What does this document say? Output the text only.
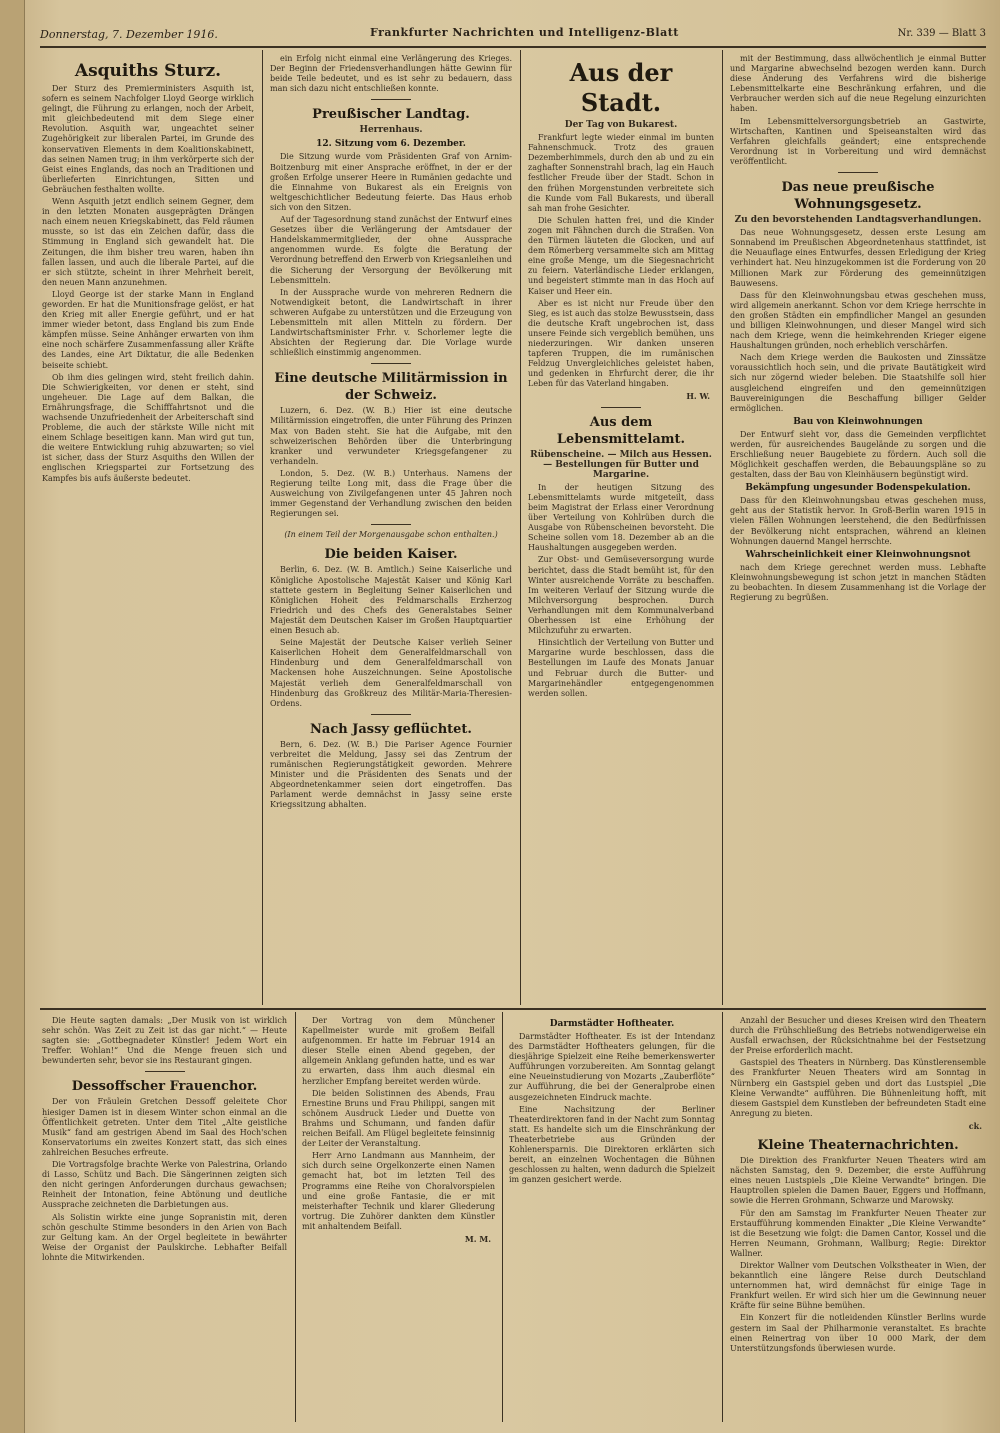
Donnerstag, 7. Dezember 1916.	Frankfurter Nachrichten und Intelligenz-Blatt	Nr. 339 — Blatt 3
Asquiths Sturz.

Der Sturz des Premierministers Asquith ist, sofern es seinem Nachfolger Lloyd George wirklich gelingt, die Führung zu erlangen, noch der Arbeit, mit gleichbedeutend mit dem Siege einer Revolution. Asquith war, ungeachtet seiner Zugehörigkeit zur liberalen Partei, im Grunde des konservativen Elements in dem Koalitionskabinett, das seinen Namen trug; in ihm verkörperte sich der Geist eines Englands, das noch an Traditionen und überlieferten Einrichtungen, Sitten und Gebräuchen festhalten wollte.

Wenn Asquith jetzt endlich seinem Gegner, dem in den letzten Monaten ausgeprägten Drängen nach einem neuen Kriegskabinett, das Feld räumen musste, so ist das ein Zeichen dafür, dass die Stimmung in England sich gewandelt hat. Die Zeitungen, die ihm bisher treu waren, haben ihn fallen lassen, und auch die liberale Partei, auf die er sich stützte, scheint in ihrer Mehrheit bereit, den neuen Mann anzunehmen.

Lloyd George ist der starke Mann in England geworden. Er hat die Munitionsfrage gelöst, er hat den Krieg mit aller Energie geführt, und er hat immer wieder betont, dass England bis zum Ende kämpfen müsse. Seine Anhänger erwarten von ihm eine noch schärfere Zusammenfassung aller Kräfte des Landes, eine Art Diktatur, die alle Bedenken beiseite schiebt.

Ob ihm dies gelingen wird, steht freilich dahin. Die Schwierigkeiten, vor denen er steht, sind ungeheuer. Die Lage auf dem Balkan, die Ernährungsfrage, die Schifffahrtsnot und die wachsende Unzufriedenheit der Arbeiterschaft sind Probleme, die auch der stärkste Wille nicht mit einem Schlage beseitigen kann. Man wird gut tun, die weitere Entwicklung ruhig abzuwarten; so viel ist sicher, dass der Sturz Asquiths den Willen der englischen Kriegspartei zur Fortsetzung des Kampfes bis aufs äußerste bedeutet.

ein Erfolg nicht einmal eine Verlängerung des Krieges. Der Beginn der Friedensverhandlungen hätte Gewinn für beide Teile bedeutet, und es ist sehr zu bedauern, dass man sich dazu nicht entschließen konnte.

Preußischer Landtag.
Herrenhaus.
12. Sitzung vom 6. Dezember.

Die Sitzung wurde vom Präsidenten Graf von Arnim-Boitzenburg mit einer Ansprache eröffnet, in der er der großen Erfolge unserer Heere in Rumänien gedachte und die Einnahme von Bukarest als ein Ereignis von weltgeschichtlicher Bedeutung feierte. Das Haus erhob sich von den Sitzen.

Auf der Tagesordnung stand zunächst der Entwurf eines Gesetzes über die Verlängerung der Amtsdauer der Handelskammermitglieder, der ohne Aussprache angenommen wurde. Es folgte die Beratung der Verordnung betreffend den Erwerb von Kriegsanleihen und die Sicherung der Versorgung der Bevölkerung mit Lebensmitteln.

In der Aussprache wurde von mehreren Rednern die Notwendigkeit betont, die Landwirtschaft in ihrer schweren Aufgabe zu unterstützen und die Erzeugung von Lebensmitteln mit allen Mitteln zu fördern. Der Landwirtschaftsminister Frhr. v. Schorlemer legte die Absichten der Regierung dar. Die Vorlage wurde schließlich einstimmig angenommen.

Eine deutsche Militärmission in der Schweiz.

Luzern, 6. Dez. (W. B.) Hier ist eine deutsche Militärmission eingetroffen, die unter Führung des Prinzen Max von Baden steht. Sie hat die Aufgabe, mit den schweizerischen Behörden über die Unterbringung kranker und verwundeter Kriegsgefangener zu verhandeln.

London, 5. Dez. (W. B.) Unterhaus. Namens der Regierung teilte Long mit, dass die Frage über die Ausweichung von Zivilgefangenen unter 45 Jahren noch immer Gegenstand der Verhandlung zwischen den beiden Regierungen sei.

(In einem Teil der Morgenausgabe schon enthalten.)
Die beiden Kaiser.

Berlin, 6. Dez. (W. B. Amtlich.) Seine Kaiserliche und Königliche Apostolische Majestät Kaiser und König Karl stattete gestern in Begleitung Seiner Kaiserlichen und Königlichen Hoheit des Feldmarschalls Erzherzog Friedrich und des Chefs des Generalstabes Seiner Majestät dem Deutschen Kaiser im Großen Hauptquartier einen Besuch ab.

Seine Majestät der Deutsche Kaiser verlieh Seiner Kaiserlichen Hoheit dem Generalfeldmarschall von Hindenburg und dem Generalfeldmarschall von Mackensen hohe Auszeichnungen. Seine Apostolische Majestät verlieh dem Generalfeldmarschall von Hindenburg das Großkreuz des Militär-Maria-Theresien-Ordens.

Nach Jassy geflüchtet.

Bern, 6. Dez. (W. B.) Die Pariser Agence Fournier verbreitet die Meldung, Jassy sei das Zentrum der rumänischen Regierungstätigkeit geworden. Mehrere Minister und die Präsidenten des Senats und der Abgeordnetenkammer seien dort eingetroffen. Das Parlament werde demnächst in Jassy seine erste Kriegssitzung abhalten.

Aus der Stadt.
Der Tag von Bukarest.

Frankfurt legte wieder einmal im bunten Fahnenschmuck. Trotz des grauen Dezemberhimmels, durch den ab und zu ein zaghafter Sonnenstrahl brach, lag ein Hauch festlicher Freude über der Stadt. Schon in den frühen Morgenstunden verbreitete sich die Kunde vom Fall Bukarests, und überall sah man frohe Gesichter.

Die Schulen hatten frei, und die Kinder zogen mit Fähnchen durch die Straßen. Von den Türmen läuteten die Glocken, und auf dem Römerberg versammelte sich am Mittag eine große Menge, um die Siegesnachricht zu feiern. Vaterländische Lieder erklangen, und begeistert stimmte man in das Hoch auf Kaiser und Heer ein.

Aber es ist nicht nur Freude über den Sieg, es ist auch das stolze Bewusstsein, dass die deutsche Kraft ungebrochen ist, dass unsere Feinde sich vergeblich bemühen, uns niederzuringen. Wir danken unseren tapferen Truppen, die im rumänischen Feldzug Unvergleichliches geleistet haben, und gedenken in Ehrfurcht derer, die ihr Leben für das Vaterland hingaben.

H. W.
Aus dem Lebensmittelamt.
Rübenscheine. — Milch aus Hessen. — Bestellungen für Butter und Margarine.

In der heutigen Sitzung des Lebensmittelamts wurde mitgeteilt, dass beim Magistrat der Erlass einer Verordnung über Verteilung von Kohlrüben durch die Ausgabe von Rübenscheinen bevorsteht. Die Scheine sollen vom 18. Dezember ab an die Haushaltungen ausgegeben werden.

Zur Obst- und Gemüseversorgung wurde berichtet, dass die Stadt bemüht ist, für den Winter ausreichende Vorräte zu beschaffen. Im weiteren Verlauf der Sitzung wurde die Milchversorgung besprochen. Durch Verhandlungen mit dem Kommunalverband Oberhessen ist eine Erhöhung der Milchzufuhr zu erwarten.

Hinsichtlich der Verteilung von Butter und Margarine wurde beschlossen, dass die Bestellungen im Laufe des Monats Januar und Februar durch die Butter- und Margarinehändler entgegengenommen werden sollen.

mit der Bestimmung, dass allwöchentlich je einmal Butter und Margarine abwechselnd bezogen werden kann. Durch diese Änderung des Verfahrens wird die bisherige Lebensmittelkarte eine Beschränkung erfahren, und die Verbraucher werden sich auf die neue Regelung einzurichten haben.

Im Lebensmittelversorgungsbetrieb an Gastwirte, Wirtschaften, Kantinen und Speiseanstalten wird das Verfahren gleichfalls geändert; eine entsprechende Verordnung ist in Vorbereitung und wird demnächst veröffentlicht.

Das neue preußische Wohnungsgesetz.
Zu den bevorstehenden Landtagsverhandlungen.

Das neue Wohnungsgesetz, dessen erste Lesung am Sonnabend im Preußischen Abgeordnetenhaus stattfindet, ist die Neuauflage eines Entwurfes, dessen Erledigung der Krieg verhindert hat. Neu hinzugekommen ist die Forderung von 20 Millionen Mark zur Förderung des gemeinnützigen Bauwesens.

Dass für den Kleinwohnungsbau etwas geschehen muss, wird allgemein anerkannt. Schon vor dem Kriege herrschte in den großen Städten ein empfindlicher Mangel an gesunden und billigen Kleinwohnungen, und dieser Mangel wird sich nach dem Kriege, wenn die heimkehrenden Krieger eigene Haushaltungen gründen, noch erheblich verschärfen.

Nach dem Kriege werden die Baukosten und Zinssätze voraussichtlich hoch sein, und die private Bautätigkeit wird sich nur zögernd wieder beleben. Die Staatshilfe soll hier ausgleichend eingreifen und den gemeinnützigen Bauvereinigungen die Beschaffung billiger Gelder ermöglichen.

Bau von Kleinwohnungen

Der Entwurf sieht vor, dass die Gemeinden verpflichtet werden, für ausreichendes Baugelände zu sorgen und die Erschließung neuer Baugebiete zu fördern. Auch soll die Möglichkeit geschaffen werden, die Bebauungspläne so zu gestalten, dass der Bau von Kleinhäusern begünstigt wird.

Bekämpfung ungesunder Bodenspekulation.

Dass für den Kleinwohnungsbau etwas geschehen muss, geht aus der Statistik hervor. In Groß-Berlin waren 1915 in vielen Fällen Wohnungen leerstehend, die den Bedürfnissen der Bevölkerung nicht entsprachen, während an kleinen Wohnungen dauernd Mangel herrschte.

Wahrscheinlichkeit einer Kleinwohnungsnot

nach dem Kriege gerechnet werden muss. Lebhafte Kleinwohnungsbewegung ist schon jetzt in manchen Städten zu beobachten. In diesem Zusammenhang ist die Vorlage der Regierung zu begrüßen.

Die Heute sagten damals: „Der Musik von ist wirklich sehr schön. Was Zeit zu Zeit ist das gar nicht.“ — Heute sagten sie: „Gottbegnadeter Künstler! Jedem Wort ein Treffer. Wohlan!“ Und die Menge freuen sich und bewunderten sehr, bevor sie ins Restaurant gingen.

Dessoffscher Frauenchor.

Der von Fräulein Gretchen Dessoff geleitete Chor hiesiger Damen ist in diesem Winter schon einmal an die Öffentlichkeit getreten. Unter dem Titel „Alte geistliche Musik“ fand am gestrigen Abend im Saal des Hoch'schen Konservatoriums ein zweites Konzert statt, das sich eines zahlreichen Besuches erfreute.

Die Vortragsfolge brachte Werke von Palestrina, Orlando di Lasso, Schütz und Bach. Die Sängerinnen zeigten sich den nicht geringen Anforderungen durchaus gewachsen; Reinheit der Intonation, feine Abtönung und deutliche Aussprache zeichneten die Darbietungen aus.

Als Solistin wirkte eine junge Sopranistin mit, deren schön geschulte Stimme besonders in den Arien von Bach zur Geltung kam. An der Orgel begleitete in bewährter Weise der Organist der Paulskirche. Lebhafter Beifall lohnte die Mitwirkenden.

Der Vortrag von dem Münchener Kapellmeister wurde mit großem Beifall aufgenommen. Er hatte im Februar 1914 an dieser Stelle einen Abend gegeben, der allgemein Anklang gefunden hatte, und es war zu erwarten, dass ihm auch diesmal ein herzlicher Empfang bereitet werden würde.

Die beiden Solistinnen des Abends, Frau Ernestine Bruns und Frau Philippi, sangen mit schönem Ausdruck Lieder und Duette von Brahms und Schumann, und fanden dafür reichen Beifall. Am Flügel begleitete feinsinnig der Leiter der Veranstaltung.

Herr Arno Landmann aus Mannheim, der sich durch seine Orgelkonzerte einen Namen gemacht hat, bot im letzten Teil des Programms eine Reihe von Choralvorspielen und eine große Fantasie, die er mit meisterhafter Technik und klarer Gliederung vortrug. Die Zuhörer dankten dem Künstler mit anhaltendem Beifall.

M. M.
Darmstädter Hoftheater.

Darmstädter Hoftheater. Es ist der Intendanz des Darmstädter Hoftheaters gelungen, für die diesjährige Spielzeit eine Reihe bemerkenswerter Aufführungen vorzubereiten. Am Sonntag gelangt eine Neueinstudierung von Mozarts „Zauberflöte“ zur Aufführung, die bei der Generalprobe einen ausgezeichneten Eindruck machte.

Eine Nachsitzung der Berliner Theaterdirektoren fand in der Nacht zum Sonntag statt. Es handelte sich um die Einschränkung der Theaterbetriebe aus Gründen der Kohlenersparnis. Die Direktoren erklärten sich bereit, an einzelnen Wochentagen die Bühnen geschlossen zu halten, wenn dadurch die Spielzeit im ganzen gesichert werde.

Anzahl der Besucher und dieses Kreisen wird den Theatern durch die Frühschließung des Betriebs notwendigerweise ein Ausfall erwachsen, der Rücksichtnahme bei der Festsetzung der Preise erforderlich macht.

Gastspiel des Theaters in Nürnberg. Das Künstlerensemble des Frankfurter Neuen Theaters wird am Sonntag in Nürnberg ein Gastspiel geben und dort das Lustspiel „Die Kleine Verwandte“ aufführen. Die Bühnenleitung hofft, mit diesem Gastspiel dem Kunstleben der befreundeten Stadt eine Anregung zu bieten.

ck.
Kleine Theaternachrichten.

Die Direktion des Frankfurter Neuen Theaters wird am nächsten Samstag, den 9. Dezember, die erste Aufführung eines neuen Lustspiels „Die Kleine Verwandte“ bringen. Die Hauptrollen spielen die Damen Bauer, Eggers und Hoffmann, sowie die Herren Grohmann, Schwarze und Marowsky.

Für den am Samstag im Frankfurter Neuen Theater zur Erstaufführung kommenden Einakter „Die Kleine Verwandte“ ist die Besetzung wie folgt: die Damen Cantor, Kossel und die Herren Neumann, Grohmann, Wallburg; Regie: Direktor Wallner.

Direktor Wallner vom Deutschen Volkstheater in Wien, der bekanntlich eine längere Reise durch Deutschland unternommen hat, wird demnächst für einige Tage in Frankfurt weilen. Er wird sich hier um die Gewinnung neuer Kräfte für seine Bühne bemühen.

Ein Konzert für die notleidenden Künstler Berlins wurde gestern im Saal der Philharmonie veranstaltet. Es brachte einen Reinertrag von über 10 000 Mark, der dem Unterstützungsfonds überwiesen wurde.
